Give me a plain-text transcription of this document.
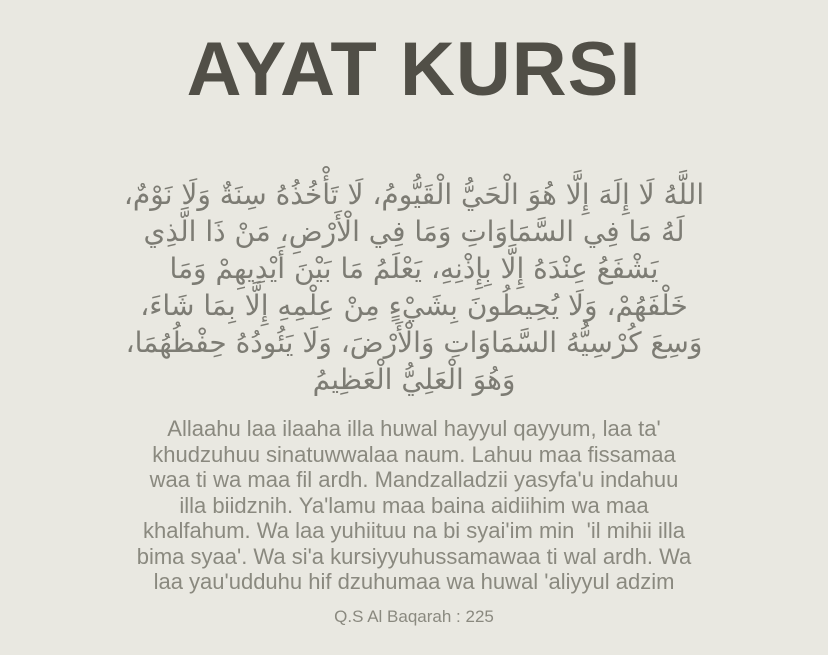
AYAT KURSI
اللَّهُ لَا إِلَهَ إِلَّا هُوَ الْحَيُّ الْقَيُّومُ، لَا تَأْخُذُهُ سِنَةٌ وَلَا نَوْمٌ،
لَهُ مَا فِي السَّمَاوَاتِ وَمَا فِي الْأَرْضِ، مَنْ ذَا الَّذِي
يَشْفَعُ عِنْدَهُ إِلَّا بِإِذْنِهِ، يَعْلَمُ مَا بَيْنَ أَيْدِيهِمْ وَمَا
خَلْفَهُمْ، وَلَا يُحِيطُونَ بِشَيْءٍ مِنْ عِلْمِهِ إِلَّا بِمَا شَاءَ،
وَسِعَ كُرْسِيُّهُ السَّمَاوَاتِ وَالْأَرْضَ، وَلَا يَئُودُهُ حِفْظُهُمَا،
وَهُوَ الْعَلِيُّ الْعَظِيمُ
Allaahu laa ilaaha illa huwal hayyul qayyum, laa ta'
khudzuhuu sinatuwwalaa naum. Lahuu maa fissamaa
waa ti wa maa fil ardh. Mandzalladzii yasyfa'u indahuu
illa biidznih. Ya'lamu maa baina aidiihim wa maa
khalfahum. Wa laa yuhiituu na bi syai'im min  'il mihii illa
bima syaa'. Wa si'a kursiyyuhussamawaa ti wal ardh. Wa
laa yau'udduhu hif dzuhumaa wa huwal 'aliyyul adzim
Q.S Al Baqarah : 225
